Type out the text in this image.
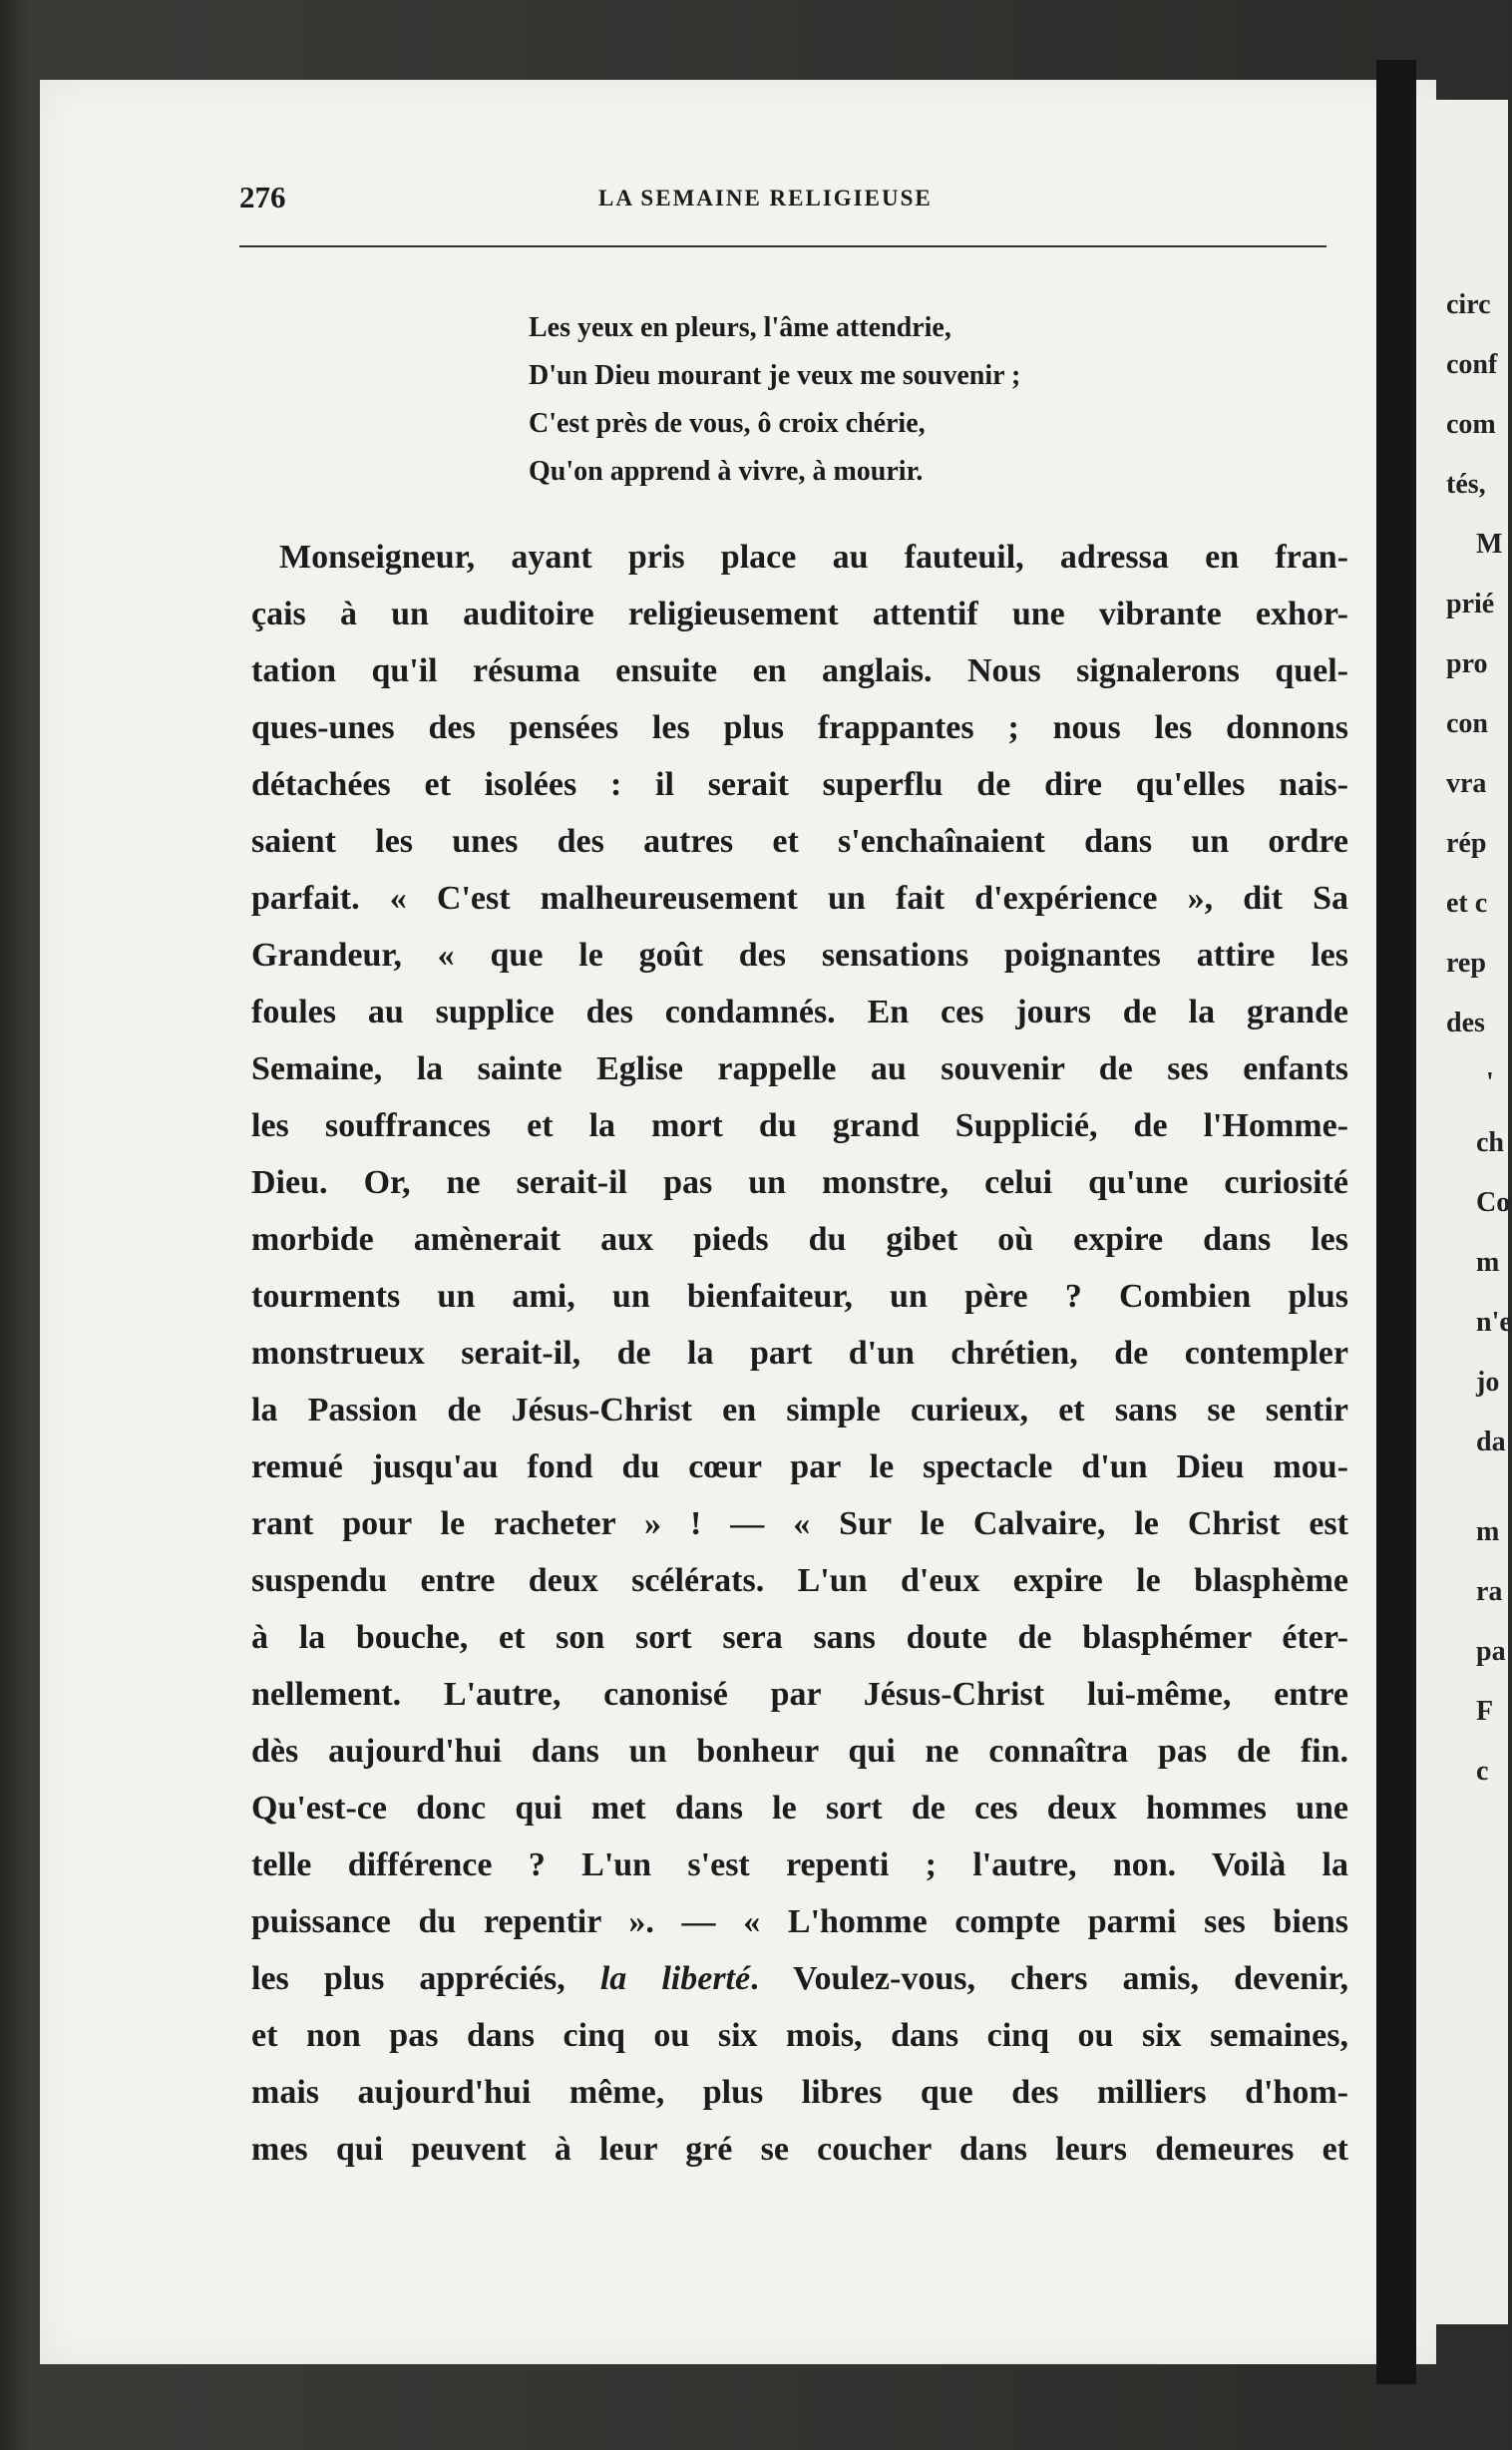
circ
conf
com
tés,
M
prié
pro
con
vra
rép
et c
rep
des
'
ch
Co
m
n'e
jo
da
m
ra
pa
F
c
276	LA SEMAINE RELIGIEUSE
Les yeux en pleurs, l'âme attendrie,
D'un Dieu mourant je veux me souvenir ;
C'est près de vous, ô croix chérie,
Qu'on apprend à vivre, à mourir.
Monseigneur, ayant pris place au fauteuil, adressa en fran-
çais à un auditoire religieusement attentif une vibrante exhor-
tation qu'il résuma ensuite en anglais. Nous signalerons quel-
ques-unes des pensées les plus frappantes ; nous les donnons
détachées et isolées : il serait superflu de dire qu'elles nais-
saient les unes des autres et s'enchaînaient dans un ordre
parfait. « C'est malheureusement un fait d'expérience », dit Sa
Grandeur, « que le goût des sensations poignantes attire les
foules au supplice des condamnés. En ces jours de la grande
Semaine, la sainte Eglise rappelle au souvenir de ses enfants
les souffrances et la mort du grand Supplicié, de l'Homme-
Dieu. Or, ne serait-il pas un monstre, celui qu'une curiosité
morbide amènerait aux pieds du gibet où expire dans les
tourments un ami, un bienfaiteur, un père ? Combien plus
monstrueux serait-il, de la part d'un chrétien, de contempler
la Passion de Jésus-Christ en simple curieux, et sans se sentir
remué jusqu'au fond du cœur par le spectacle d'un Dieu mou-
rant pour le racheter » ! — « Sur le Calvaire, le Christ est
suspendu entre deux scélérats. L'un d'eux expire le blasphème
à la bouche, et son sort sera sans doute de blasphémer éter-
nellement. L'autre, canonisé par Jésus-Christ lui-même, entre
dès aujourd'hui dans un bonheur qui ne connaîtra pas de fin.
Qu'est-ce donc qui met dans le sort de ces deux hommes une
telle différence ? L'un s'est repenti ; l'autre, non. Voilà la
puissance du repentir ». — « L'homme compte parmi ses biens
les plus appréciés, la liberté. Voulez-vous, chers amis, devenir,
et non pas dans cinq ou six mois, dans cinq ou six semaines,
mais aujourd'hui même, plus libres que des milliers d'hom-
mes qui peuvent à leur gré se coucher dans leurs demeures et
